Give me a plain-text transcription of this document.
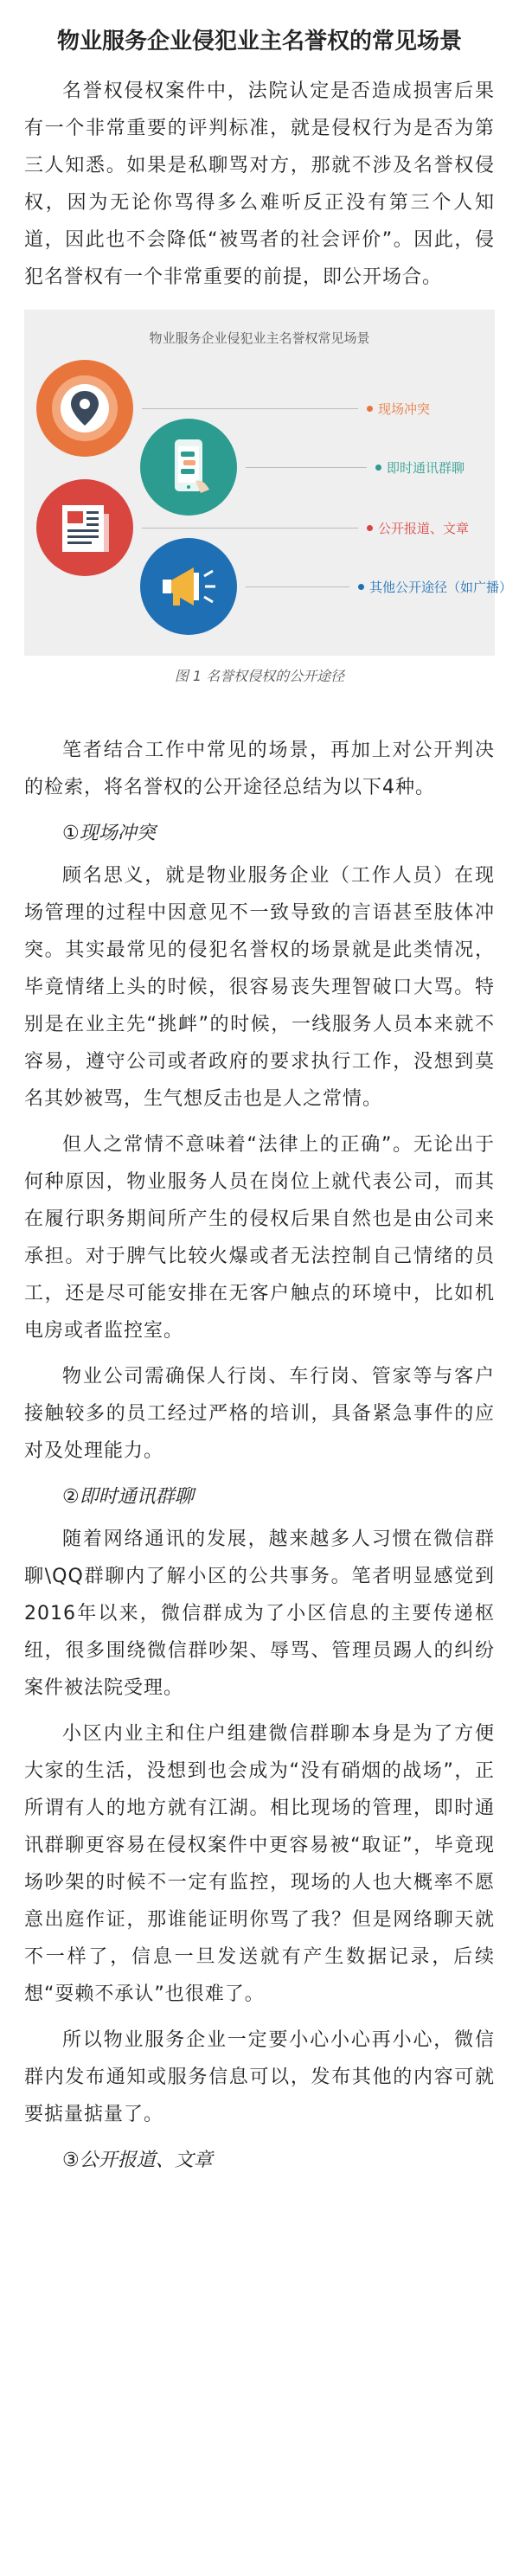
物业服务企业侵犯业主名誉权的常见场景

名誉权侵权案件中，法院认定是否造成损害后果有一个非常重要的评判标准，就是侵权行为是否为第三人知悉。如果是私聊骂对方，那就不涉及名誉权侵权，因为无论你骂得多么难听反正没有第三个人知道，因此也不会降低“被骂者的社会评价”。因此，侵犯名誉权有一个非常重要的前提，即公开场合。

物业服务企业侵犯业主名誉权常见场景
现场冲突
即时通讯群聊
公开报道、文章
其他公开途径（如广播）

图 1 名誉权侵权的公开途径

笔者结合工作中常见的场景，再加上对公开判决的检索，将名誉权的公开途径总结为以下4种。

①现场冲突

顾名思义，就是物业服务企业（工作人员）在现场管理的过程中因意见不一致导致的言语甚至肢体冲突。其实最常见的侵犯名誉权的场景就是此类情况，毕竟情绪上头的时候，很容易丧失理智破口大骂。特别是在业主先“挑衅”的时候，一线服务人员本来就不容易，遵守公司或者政府的要求执行工作，没想到莫名其妙被骂，生气想反击也是人之常情。

但人之常情不意味着“法律上的正确”。无论出于何种原因，物业服务人员在岗位上就代表公司，而其在履行职务期间所产生的侵权后果自然也是由公司来承担。对于脾气比较火爆或者无法控制自己情绪的员工，还是尽可能安排在无客户触点的环境中，比如机电房或者监控室。

物业公司需确保人行岗、车行岗、管家等与客户接触较多的员工经过严格的培训，具备紧急事件的应对及处理能力。

②即时通讯群聊

随着网络通讯的发展，越来越多人习惯在微信群聊\QQ群聊内了解小区的公共事务。笔者明显感觉到2016年以来，微信群成为了小区信息的主要传递枢纽，很多围绕微信群吵架、辱骂、管理员踢人的纠纷案件被法院受理。

小区内业主和住户组建微信群聊本身是为了方便大家的生活，没想到也会成为“没有硝烟的战场”，正所谓有人的地方就有江湖。相比现场的管理，即时通讯群聊更容易在侵权案件中更容易被“取证”，毕竟现场吵架的时候不一定有监控，现场的人也大概率不愿意出庭作证，那谁能证明你骂了我？但是网络聊天就不一样了，信息一旦发送就有产生数据记录，后续想“耍赖不承认”也很难了。

所以物业服务企业一定要小心小心再小心，微信群内发布通知或服务信息可以，发布其他的内容可就要掂量掂量了。

③公开报道、文章
